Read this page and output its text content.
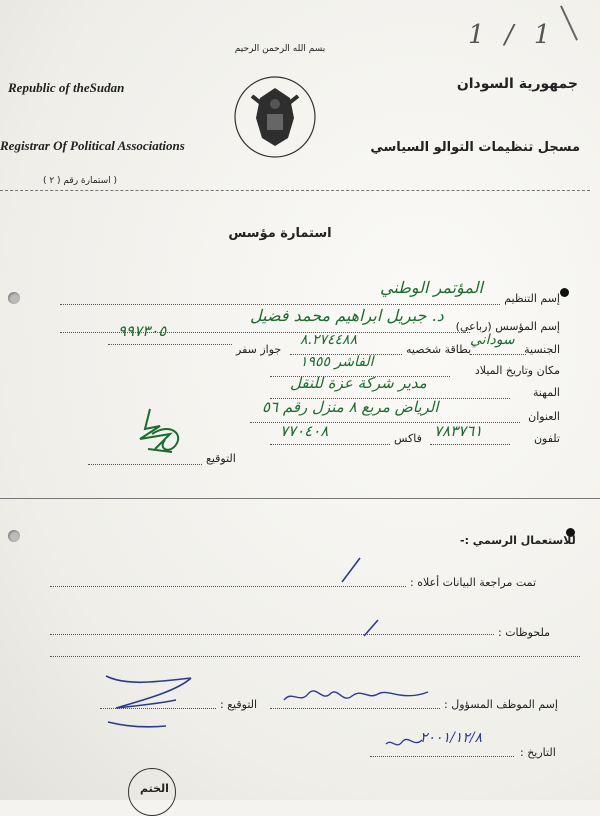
1 / 1
بسم الله الرحمن الرحيم
Republic of theSudan
Registrar Of Political Associations
جمهورية السودان
مسجل تنظيمات التوالو السياسي
( استمارة رقم ( ٢ )
استمارة مؤسس
إسم التنظيم
المؤتمر الوطني
إسم المؤسس (رباعي)
د. جبريل ابراهيم محمد فضيل
الجنسية
سوداني
بطاقة شخصيه
٨.٢٧٤٤٨٨
جواز سفر
٩٩٧٣٠٥
مكان وتاريخ الميلاد
الفاشر ١٩٥٥
المهنة
مدير شركة عزة للنقل
العنوان
الرياض مربع ٨ منزل رقم ٥٦
تلفون
٧٨٣٧٦١
فاكس
٧٧٠٤٠٨
التوقيع
للاستعمال الرسمي :-
تمت مراجعة البيانات أعلاه :
ملحوظات :
التوقيع :	إسم الموظف المسؤول :
التاريخ :
٢٠٠١/١٢/٨
الختم
